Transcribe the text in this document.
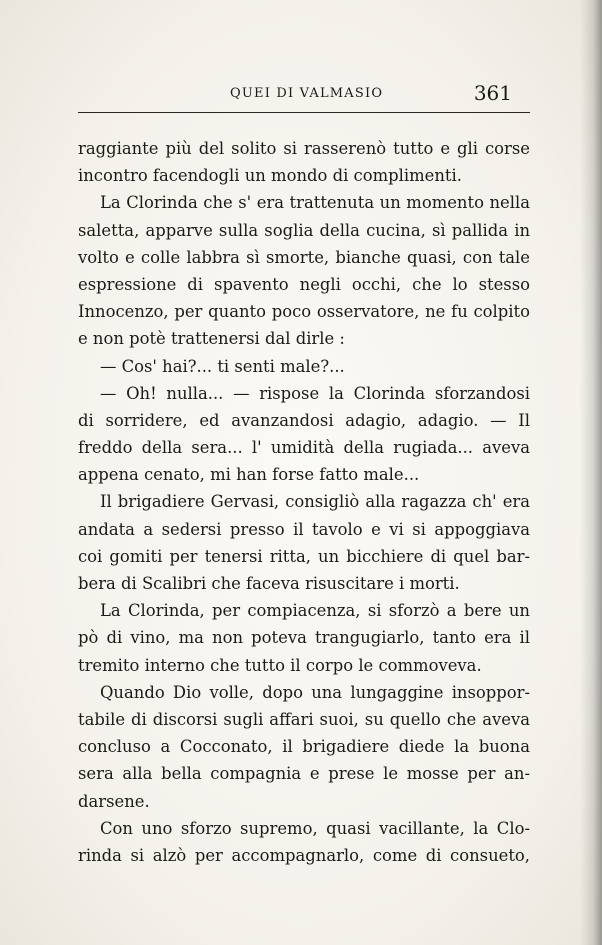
QUEI DI VALMASIO	361
raggiante più del solito si rasserenò tutto e gli corse
incontro facendogli un mondo di complimenti.
La Clorinda che s' era trattenuta un momento nella
saletta, apparve sulla soglia della cucina, sì pallida in
volto e colle labbra sì smorte, bianche quasi, con tale
espressione di spavento negli occhi, che lo stesso
Innocenzo, per quanto poco osservatore, ne fu colpito
e non potè trattenersi dal dirle :
— Cos' hai?... ti senti male?...
— Oh! nulla... — rispose la Clorinda sforzandosi
di sorridere, ed avanzandosi adagio, adagio. — Il
freddo della sera... l' umidità della rugiada... aveva
appena cenato, mi han forse fatto male...
Il brigadiere Gervasi, consigliò alla ragazza ch' era
andata a sedersi presso il tavolo e vi si appoggiava
coi gomiti per tenersi ritta, un bicchiere di quel bar-
bera di Scalibri che faceva risuscitare i morti.
La Clorinda, per compiacenza, si sforzò a bere un
pò di vino, ma non poteva trangugiarlo, tanto era il
tremito interno che tutto il corpo le commoveva.
Quando Dio volle, dopo una lungaggine insoppor-
tabile di discorsi sugli affari suoi, su quello che aveva
concluso a Cocconato, il brigadiere diede la buona
sera alla bella compagnia e prese le mosse per an-
darsene.
Con uno sforzo supremo, quasi vacillante, la Clo-
rinda si alzò per accompagnarlo, come di consueto,
